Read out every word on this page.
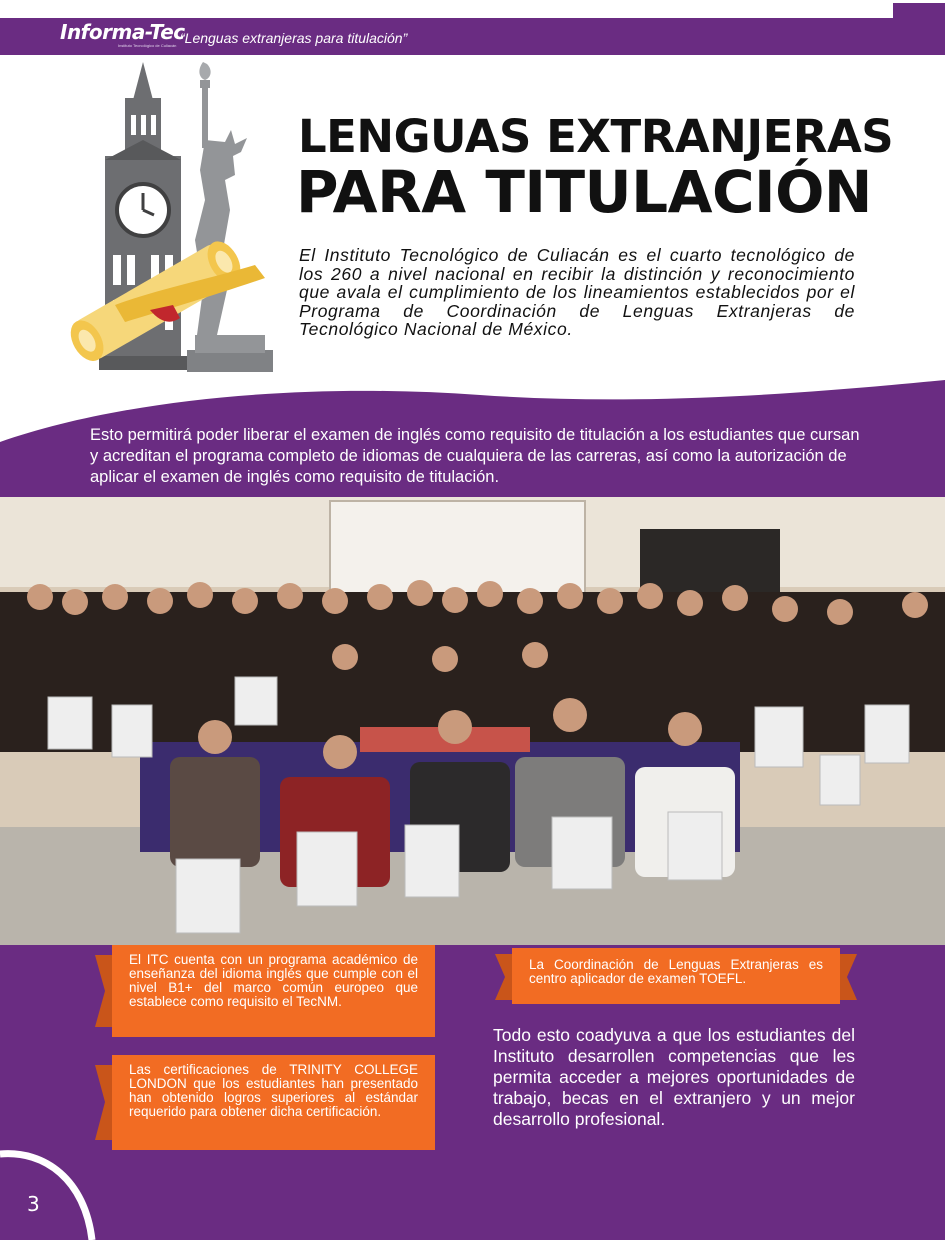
Informa-Tec
Instituto Tecnológico de Culiacán “Lenguas extranjeras para titulación”
LENGUAS EXTRANJERAS
PARA TITULACIÓN
El Instituto Tecnológico de Culiacán es el cuarto tecnológico de los 260 a nivel nacional en recibir la distinción y reconocimiento que avala el cumplimiento de los lineamientos establecidos por el Programa de Coordinación de Lenguas Extranjeras de Tecnológico Nacional de México.
Esto permitirá poder liberar el examen de inglés como requisito de titulación a los estudiantes que cursan y acreditan el programa completo de idiomas de cualquiera de las carreras, así como la autorización de aplicar el examen de inglés como requisito de titulación.
El ITC cuenta con un programa académico de enseñanza del idioma inglés que cumple con el nivel B1+ del marco común europeo que establece como requisito el TecNM.
Las certificaciones de TRINITY COLLEGE LONDON que los estudiantes han presentado han obtenido logros superiores al estándar requerido para obtener dicha certificación.
La Coordinación de Lenguas Extranjeras es centro aplicador de examen TOEFL.
Todo esto coadyuva a que los estudiantes del Instituto desarrollen competencias que les permita acceder a mejores oportunidades de trabajo, becas en el extranjero y un mejor desarrollo profesional.
3
